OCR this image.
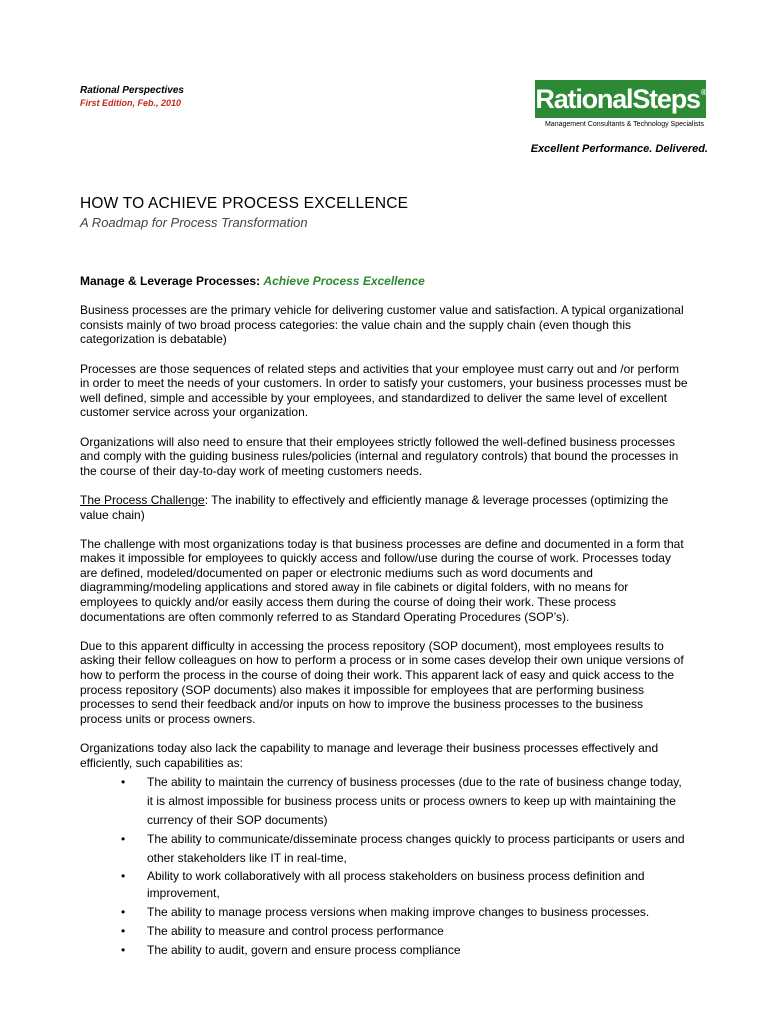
Rational Perspectives
First Edition, Feb., 2010	RationalSteps®
Management Consultants & Technology Specialists
Excellent Performance. Delivered.
HOW TO ACHIEVE PROCESS EXCELLENCE
A Roadmap for Process Transformation

Manage & Leverage Processes: Achieve Process Excellence

Business processes are the primary vehicle for delivering customer value and satisfaction. A typical organizational consists mainly of two broad process categories: the value chain and the supply chain (even though this categorization is debatable)

Processes are those sequences of related steps and activities that your employee must carry out and /or perform in order to meet the needs of your customers. In order to satisfy your customers, your business processes must be well defined, simple and accessible by your employees, and standardized to deliver the same level of excellent customer service across your organization.

Organizations will also need to ensure that their employees strictly followed the well-defined business processes and comply with the guiding business rules/policies (internal and regulatory controls) that bound the processes in the course of their day-to-day work of meeting customers needs.

The Process Challenge: The inability to effectively and efficiently manage & leverage processes (optimizing the value chain)

The challenge with most organizations today is that business processes are define and documented in a form that makes it impossible for employees to quickly access and follow/use during the course of work. Processes today are defined, modeled/documented on paper or electronic mediums such as word documents and diagramming/modeling applications and stored away in file cabinets or digital folders, with no means for employees to quickly and/or easily access them during the course of doing their work. These process documentations are often commonly referred to as Standard Operating Procedures (SOP’s).

Due to this apparent difficulty in accessing the process repository (SOP document), most employees results to asking their fellow colleagues on how to perform a process or in some cases develop their own unique versions of how to perform the process in the course of doing their work. This apparent lack of easy and quick access to the process repository (SOP documents) also makes it impossible for employees that are performing business processes to send their feedback and/or inputs on how to improve the business processes to the business process units or process owners.

Organizations today also lack the capability to manage and leverage their business processes effectively and efficiently, such capabilities as:

• The ability to maintain the currency of business processes (due to the rate of business change today, it is almost impossible for business process units or process owners to keep up with maintaining the currency of their SOP documents)
• The ability to communicate/disseminate process changes quickly to process participants or users and other stakeholders like IT in real-time,
• Ability to work collaboratively with all process stakeholders on business process definition and improvement,
• The ability to manage process versions when making improve changes to business processes.
• The ability to measure and control process performance
• The ability to audit, govern and ensure process compliance
